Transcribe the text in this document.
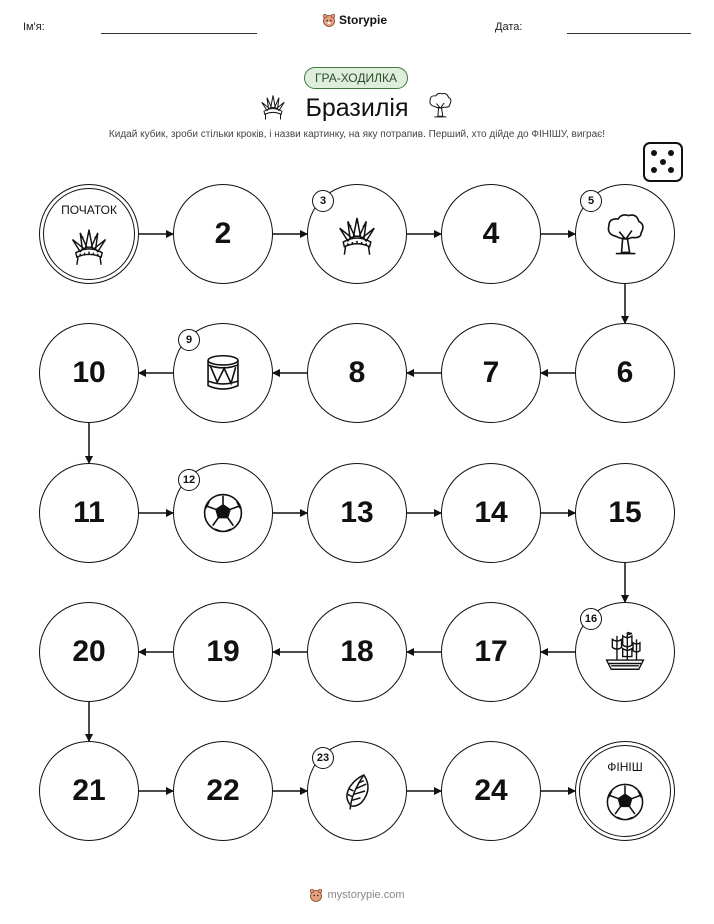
Ім'я:	Storypie	Дата:
ГРА-ХОДИЛКА
Бразилія
Кидай кубик, зроби стільки кроків, і назви картинку, на яку потрапив. Перший, хто дійде до ФІНІШУ, виграє!
ПОЧАТОК
2
3
4
5
6
7
8
9
10
11
12
13	14	15
16
17
18
19
20
21	22
23
24
ФІНІШ
mystorypie.com
